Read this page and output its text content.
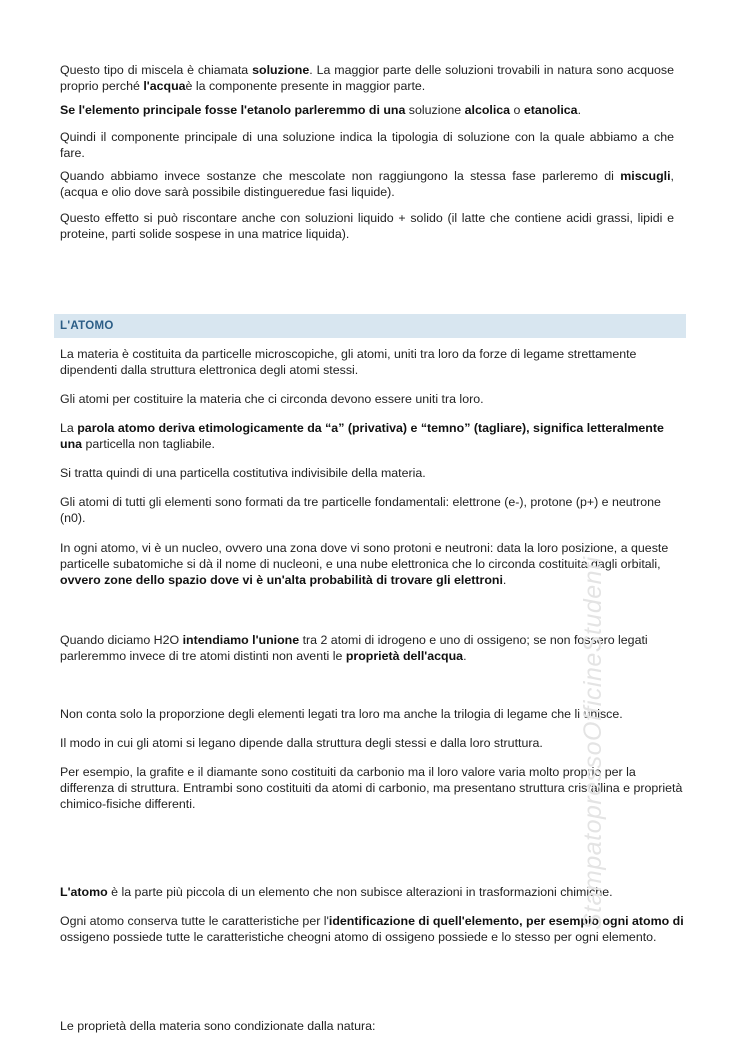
Questo tipo di miscela è chiamata soluzione. La maggior parte delle soluzioni trovabili in natura sono acquose proprio perché l'acquaè la componente presente in maggior parte.

Se l'elemento principale fosse l'etanolo parleremmo di una soluzione alcolica o etanolica.

Quindi il componente principale di una soluzione indica la tipologia di soluzione con la quale abbiamo a che fare.

Quando abbiamo invece sostanze che mescolate non raggiungono la stessa fase parleremo di miscugli, (acqua e olio dove sarà possibile distingueredue fasi liquide).

Questo effetto si può riscontare anche con soluzioni liquido + solido (il latte che contiene acidi grassi, lipidi e proteine, parti solide sospese in una matrice liquida).

L'ATOMO

La materia è costituita da particelle microscopiche, gli atomi, uniti tra loro da forze di legame strettamente dipendenti dalla struttura elettronica degli atomi stessi.

Gli atomi per costituire la materia che ci circonda devono essere uniti tra loro.

La parola atomo deriva etimologicamente da “a” (privativa) e “temno” (tagliare), significa letteralmente una particella non tagliabile.

Si tratta quindi di una particella costitutiva indivisibile della materia.

Gli atomi di tutti gli elementi sono formati da tre particelle fondamentali: elettrone (e-), protone (p+) e neutrone (n0).

In ogni atomo, vi è un nucleo, ovvero una zona dove vi sono protoni e neutroni: data la loro posizione, a queste particelle subatomiche si dà il nome di nucleoni, e una nube elettronica che lo circonda costituita dagli orbitali, ovvero zone dello spazio dove vi è un'alta probabilità di trovare gli elettroni.

Quando diciamo H2O intendiamo l'unione tra 2 atomi di idrogeno e uno di ossigeno; se non fossero legati parleremmo invece di tre atomi distinti non aventi le proprietà dell'acqua.

Non conta solo la proporzione degli elementi legati tra loro ma anche la trilogia di legame che li unisce.

Il modo in cui gli atomi si legano dipende dalla struttura degli stessi e dalla loro struttura.

Per esempio, la grafite e il diamante sono costituiti da carbonio ma il loro valore varia molto proprio per la differenza di struttura. Entrambi sono costituiti da atomi di carbonio, ma presentano struttura cristallina e proprietà chimico-fisiche differenti.

L'atomo è la parte più piccola di un elemento che non subisce alterazioni in trasformazioni chimiche.

Ogni atomo conserva tutte le caratteristiche per l'identificazione di quell'elemento, per esempio ogni atomo di ossigeno possiede tutte le caratteristiche cheogni atomo di ossigeno possiede e lo stesso per ogni elemento.

Le proprietà della materia sono condizionate dalla natura:

StampatopressoOfficineStudenti
